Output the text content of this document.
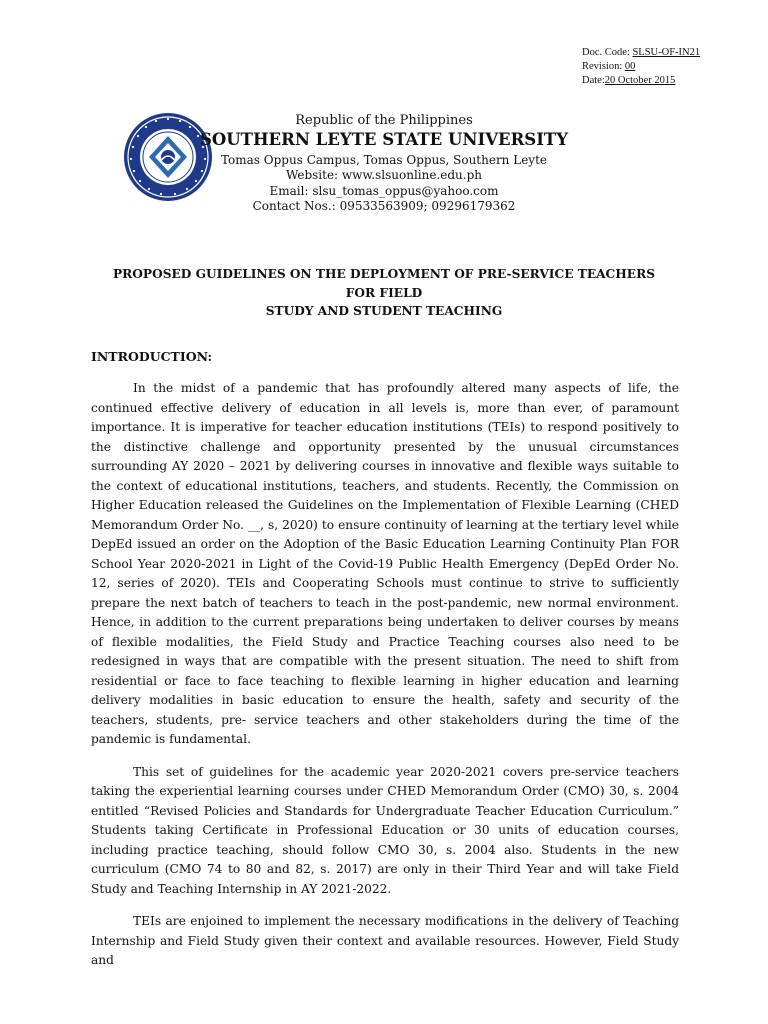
Doc. Code: SLSU-OF-IN21
Revision: 00
Date:20 October 2015
Republic of the Philippines
SOUTHERN LEYTE STATE UNIVERSITY
Tomas Oppus Campus, Tomas Oppus, Southern Leyte
Website: www.slsuonline.edu.ph
Email: slsu_tomas_oppus@yahoo.com
Contact Nos.: 09533563909; 09296179362
PROPOSED GUIDELINES ON THE DEPLOYMENT OF PRE-SERVICE TEACHERS FOR FIELD
STUDY AND STUDENT TEACHING
INTRODUCTION:

In the midst of a pandemic that has profoundly altered many aspects of life, the continued effective delivery of education in all levels is, more than ever, of paramount importance. It is imperative for teacher education institutions (TEIs) to respond positively to the distinctive challenge and opportunity presented by the unusual circumstances surrounding AY 2020 – 2021 by delivering courses in innovative and flexible ways suitable to the context of educational institutions, teachers, and students. Recently, the Commission on Higher Education released the Guidelines on the Implementation of Flexible Learning (CHED Memorandum Order No. __, s, 2020) to ensure continuity of learning at the tertiary level while DepEd issued an order on the Adoption of the Basic Education Learning Continuity Plan FOR School Year 2020-2021 in Light of the Covid-19 Public Health Emergency (DepEd Order No. 12, series of 2020). TEIs and Cooperating Schools must continue to strive to sufficiently prepare the next batch of teachers to teach in the post-pandemic, new normal environment. Hence, in addition to the current preparations being undertaken to deliver courses by means of flexible modalities, the Field Study and Practice Teaching courses also need to be redesigned in ways that are compatible with the present situation. The need to shift from residential or face to face teaching to flexible learning in higher education and learning delivery modalities in basic education to ensure the health, safety and security of the teachers, students, pre- service teachers and other stakeholders during the time of the pandemic is fundamental.

This set of guidelines for the academic year 2020-2021 covers pre-service teachers taking the experiential learning courses under CHED Memorandum Order (CMO) 30, s. 2004 entitled “Revised Policies and Standards for Undergraduate Teacher Education Curriculum.” Students taking Certificate in Professional Education or 30 units of education courses, including practice teaching, should follow CMO 30, s. 2004 also. Students in the new curriculum (CMO 74 to 80 and 82, s. 2017) are only in their Third Year and will take Field Study and Teaching Internship in AY 2021-2022.

TEIs are enjoined to implement the necessary modifications in the delivery of Teaching Internship and Field Study given their context and available resources. However, Field Study and
